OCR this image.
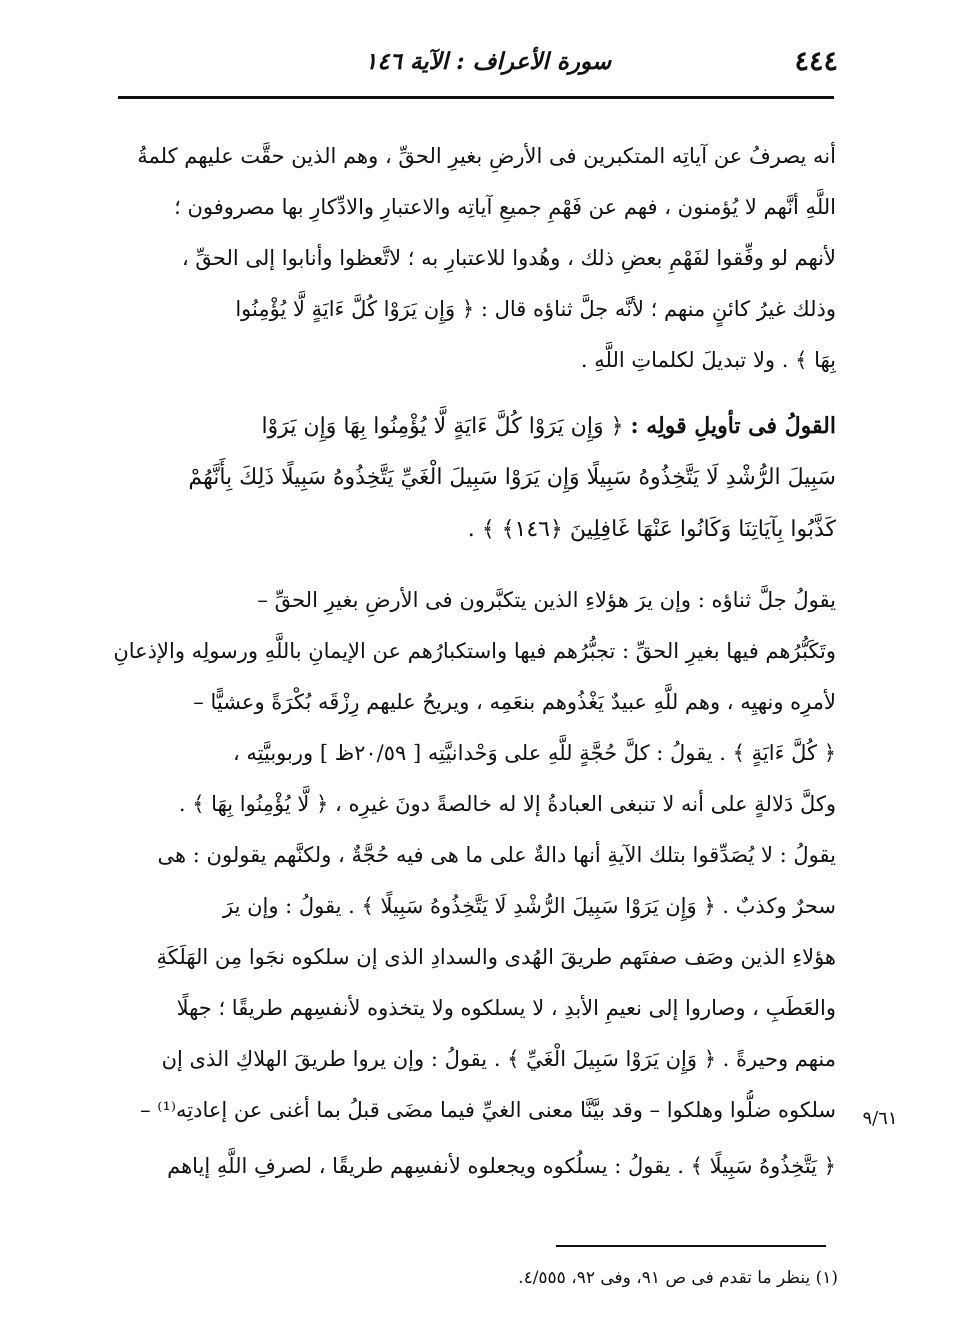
٤٤٤
سورة الأعراف : الآية ١٤٦
أنه يصرفُ عن آياتِه المتكبرين فى الأرضِ بغيرِ الحقِّ ، وهم الذين حقَّت عليهم كلمةُ
اللَّهِ أنَّهم لا يُؤمنون ، فهم عن فَهْمِ جميعِ آياتِه والاعتبارِ والادِّكارِ بها مصروفون ؛
لأنهم لو وفِّقوا لفَهْمِ بعضِ ذلك ، وهُدوا للاعتبارِ به ؛ لاتَّعظوا وأنابوا إلى الحقِّ ،
وذلك غيرُ كائنٍ منهم ؛ لأنَّه جلَّ ثناؤه قال : ﴿ وَإِن يَرَوْا كُلَّ ءَايَةٍ لَّا يُؤْمِنُوا
بِهَا ﴾ . ولا تبديلَ لكلماتِ اللَّهِ .
القولُ فى تأويلِ قولِه : ﴿ وَإِن يَرَوْا كُلَّ ءَايَةٍ لَّا يُؤْمِنُوا بِهَا وَإِن يَرَوْا
سَبِيلَ الرُّشْدِ لَا يَتَّخِذُوهُ سَبِيلًا وَإِن يَرَوْا سَبِيلَ الْغَيِّ يَتَّخِذُوهُ سَبِيلًا ذَلِكَ بِأَنَّهُمْ
كَذَّبُوا بِآيَاتِنَا وَكَانُوا عَنْهَا غَافِلِينَ ﴿١٤٦﴾ ﴾ .
يقولُ جلَّ ثناؤه : وإن يرَ هؤلاءِ الذين يتكبَّرون فى الأرضِ بغيرِ الحقِّ –
وتَكَبُّرُهم فيها بغيرِ الحقِّ : تجبُّرُهم فيها واستكبارُهم عن الإيمانِ باللَّهِ ورسولِه والإذعانِ
لأمرِه ونهيِه ، وهم للَّهِ عبيدٌ يَغْذُوهم بنعَمِه ، ويريحُ عليهم رِزْقَه بُكْرَةً وعشيًّا –
﴿ كُلَّ ءَايَةٍ ﴾ . يقولُ : كلَّ حُجَّةٍ للَّهِ على وَحْدانيَّتِه [ ٢٠/٥٩ظ ] وربوبيَّتِه ،
وكلَّ دَلالةٍ على أنه لا تنبغى العبادةُ إلا له خالصةً دونَ غيرِه ، ﴿ لَّا يُؤْمِنُوا بِهَا ﴾ .
يقولُ : لا يُصَدِّقوا بتلك الآيةِ أنها دالةٌ على ما هى فيه حُجَّةٌ ، ولكنَّهم يقولون : هى
سحرٌ وكذبٌ . ﴿ وَإِن يَرَوْا سَبِيلَ الرُّشْدِ لَا يَتَّخِذُوهُ سَبِيلًا ﴾ . يقولُ : وإن يرَ
هؤلاءِ الذين وصَف صفتَهم طريقَ الهُدى والسدادِ الذى إن سلكوه نجَوا مِن الهَلَكَةِ
والعَطَبِ ، وصاروا إلى نعيمِ الأبدِ ، لا يسلكوه ولا يتخذوه لأنفسِهم طريقًا ؛ جهلًا
منهم وحيرةً . ﴿ وَإِن يَرَوْا سَبِيلَ الْغَيِّ ﴾ . يقولُ : وإن يروا طريقَ الهلاكِ الذى إن
سلكوه ضلُّوا وهلكوا – وقد بيَّنَّا معنى الغيِّ فيما مضَى قبلُ بما أغنى عن إعادتِه⁽¹⁾ –
﴿ يَتَّخِذُوهُ سَبِيلًا ﴾ . يقولُ : يسلُكوه ويجعلوه لأنفسِهم طريقًا ، لصرفِ اللَّهِ إياهم
٩/٦١
(١) ينظر ما تقدم فى ص ٩١، وفى ٩٢، ٤/٥٥٥.
